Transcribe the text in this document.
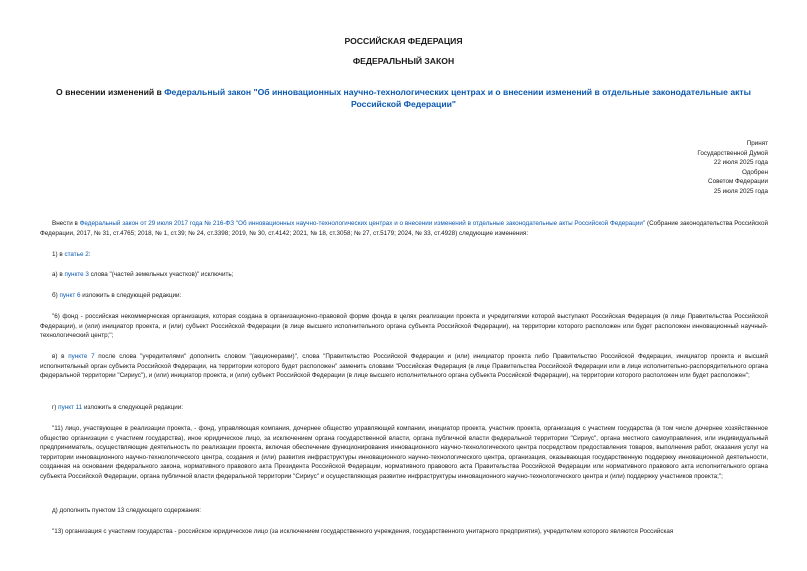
РОССИЙСКАЯ ФЕДЕРАЦИЯ
ФЕДЕРАЛЬНЫЙ ЗАКОН
О внесении изменений в Федеральный закон "Об инновационных научно-технологических центрах и о внесении изменений в отдельные законодательные акты Российской Федерации"
Принят
Государственной Думой
22 июля 2025 года
Одобрен
Советом Федерации
25 июля 2025 года
Внести в Федеральный закон от 29 июля 2017 года № 216-ФЗ "Об инновационных научно-технологических центрах и о внесении изменений в отдельные законодательные акты Российской Федерации" (Собрание законодательства Российской Федерации, 2017, № 31, ст.4765; 2018, № 1, ст.39; № 24, ст.3398; 2019, № 30, ст.4142; 2021, № 18, ст.3058; № 27, ст.5179; 2024, № 33, ст.4928) следующие изменения:
1) в статье 2:
а) в пункте 3 слова "(частей земельных участков)" исключить;
б) пункт 6 изложить в следующей редакции:
"6) фонд - российская некоммерческая организация, которая создана в организационно-правовой форме фонда в целях реализации проекта и учредителями которой выступают Российская Федерация (в лице Правительства Российской Федерации), и (или) инициатор проекта, и (или) субъект Российской Федерации (в лице высшего исполнительного органа субъекта Российской Федерации), на территории которого расположен или будет расположен инновационный научный-технологический центр;";
в) в пункте 7 после слова "учредителями" дополнить словом "(акционерами)", слова "Правительство Российской Федерации и (или) инициатор проекта либо Правительство Российской Федерации, инициатор проекта и высший исполнительный орган субъекта Российской Федерации, на территории которого будет расположен" заменить словами "Российская Федерация (в лице Правительства Российской Федерации или в лице исполнительно-распорядительного органа федеральной территории "Сириус"), и (или) инициатор проекта, и (или) субъект Российской Федерации (в лице высшего исполнительного органа субъекта Российской Федерации), на территории которого расположен или будет расположен";
г) пункт 11 изложить в следующей редакции:
"11) лицо, участвующее в реализации проекта, - фонд, управляющая компания, дочернее общество управляющей компании, инициатор проекта, участник проекта, организация с участием государства (в том числе дочернее хозяйственное общество организации с участием государства), иное юридическое лицо, за исключением органа государственной власти, органа публичной власти федеральной территории "Сириус", органа местного самоуправления, или индивидуальный предприниматель, осуществляющие деятельность по реализации проекта, включая обеспечение функционирования инновационного научно-технологического центра посредством предоставления товаров, выполнения работ, оказания услуг на территории инновационного научно-технологического центра, создания и (или) развития инфраструктуры инновационного научно-технологического центра, организация, оказывающая государственную поддержку инновационной деятельности, созданная на основании федерального закона, нормативного правового акта Президента Российской Федерации, нормативного правового акта Правительства Российской Федерации или нормативного правового акта исполнительного органа субъекта Российской Федерации, органа публичной власти федеральной территории "Сириус" и осуществляющая развитие инфраструктуры инновационного научно-технологического центра и (или) поддержку участников проекта;";
д) дополнить пунктом 13 следующего содержания:
"13) организация с участием государства - российское юридическое лицо (за исключением государственного учреждения, государственного унитарного предприятия), учредителем которого являются Российская
